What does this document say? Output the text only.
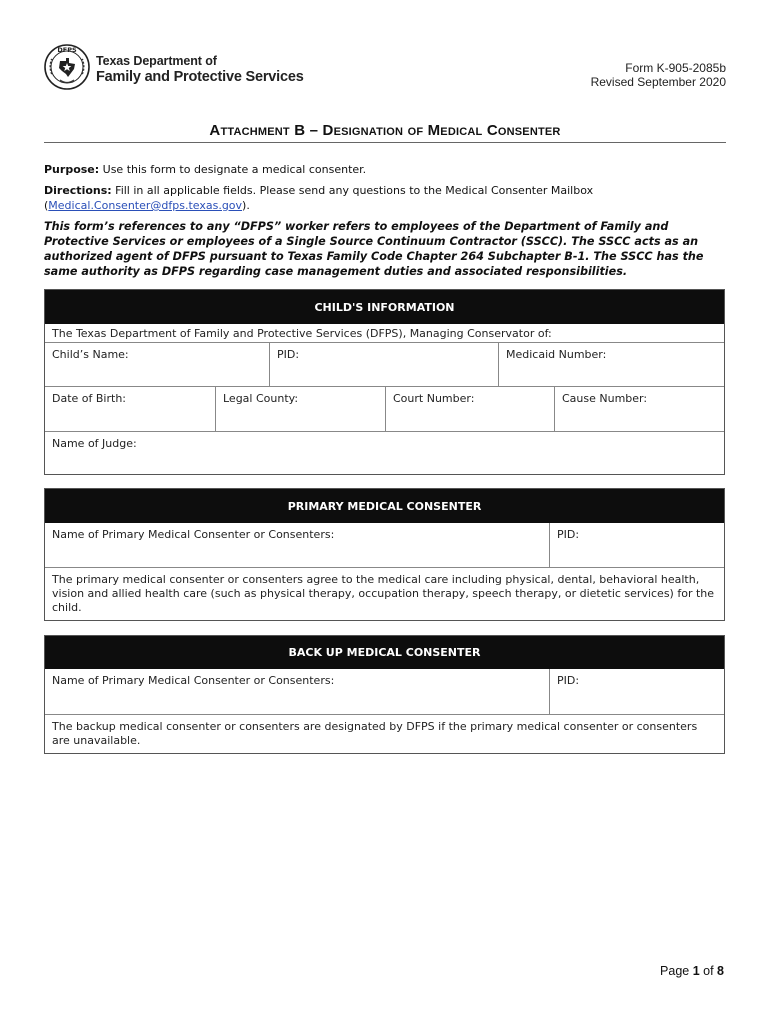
DFPS
Texas Department of
Family and Protective Services
Form K-905-2085b
Revised September 2020
Attachment B – Designation of Medical Consenter
Purpose: Use this form to designate a medical consenter.
Directions: Fill in all applicable fields. Please send any questions to the Medical Consenter Mailbox
(Medical.Consenter@dfps.texas.gov).
This form’s references to any “DFPS” worker refers to employees of the Department of Family and Protective Services or employees of a Single Source Continuum Contractor (SSCC). The SSCC acts as an authorized agent of DFPS pursuant to Texas Family Code Chapter 264 Subchapter B-1. The SSCC has the same authority as DFPS regarding case management duties and associated responsibilities.
CHILD'S INFORMATION
The Texas Department of Family and Protective Services (DFPS), Managing Conservator of:
Child’s Name:	PID:	Medicaid Number:
Date of Birth:	Legal County:	Court Number:	Cause Number:
Name of Judge:
PRIMARY MEDICAL CONSENTER
Name of Primary Medical Consenter or Consenters:	PID:
The primary medical consenter or consenters agree to the medical care including physical, dental, behavioral health, vision and allied health care (such as physical therapy, occupation therapy, speech therapy, or dietetic services) for the child.
BACK UP MEDICAL CONSENTER
Name of Primary Medical Consenter or Consenters:	PID:
The backup medical consenter or consenters are designated by DFPS if the primary medical consenter or consenters are unavailable.
Page 1 of 8
